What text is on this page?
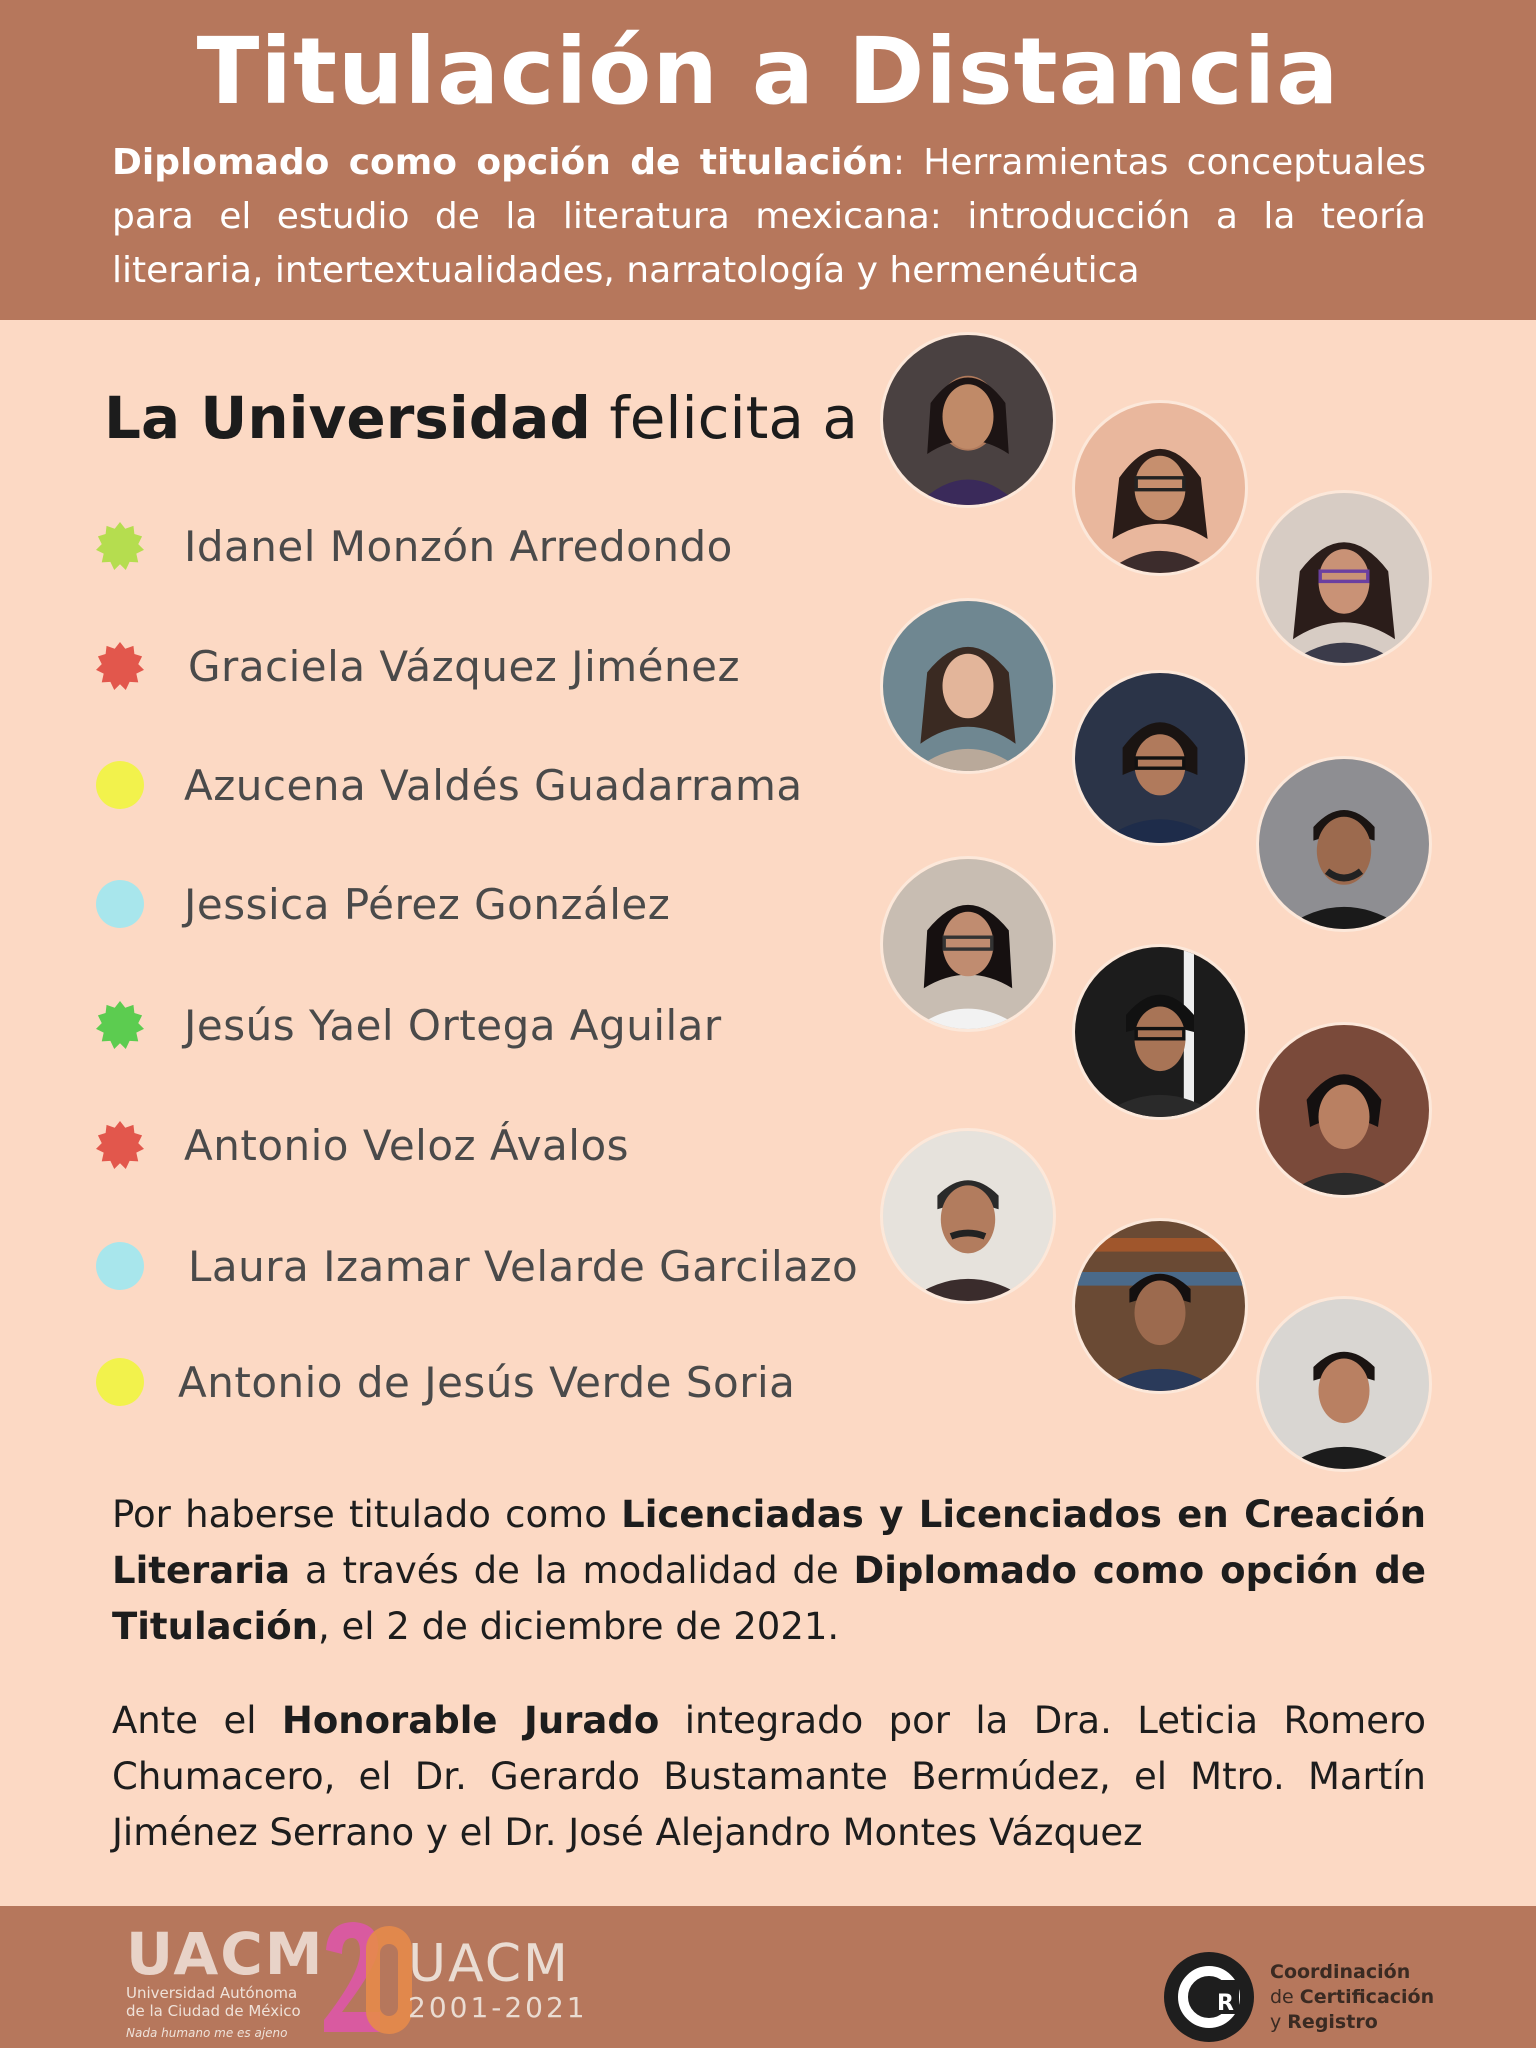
Titulación a Distancia
Diplomado como opción de titulación: Herramientas conceptuales para el estudio de la literatura mexicana: introducción a la teoría literaria, intertextualidades, narratología y hermenéutica
La Universidad felicita a
Idanel Monzón Arredondo
Graciela Vázquez Jiménez
Azucena Valdés Guadarrama
Jessica Pérez González
Jesús Yael Ortega Aguilar
Antonio Veloz Ávalos
Laura Izamar Velarde Garcilazo
Antonio de Jesús Verde Soria
Por haberse titulado como Licenciadas y Licenciados en Creación Literaria a través de la modalidad de Diplomado como opción de Titulación, el 2 de diciembre de 2021.
Ante el Honorable Jurado integrado por la Dra. Leticia Romero Chumacero, el Dr. Gerardo Bustamante Bermúdez, el Mtro. Martín Jiménez Serrano y el Dr. José Alejandro Montes Vázquez
UACM
Universidad Autónoma
de la Ciudad de México
Nada humano me es ajeno
UACM
2001-2021	R
Coordinación
de Certificación
y Registro
